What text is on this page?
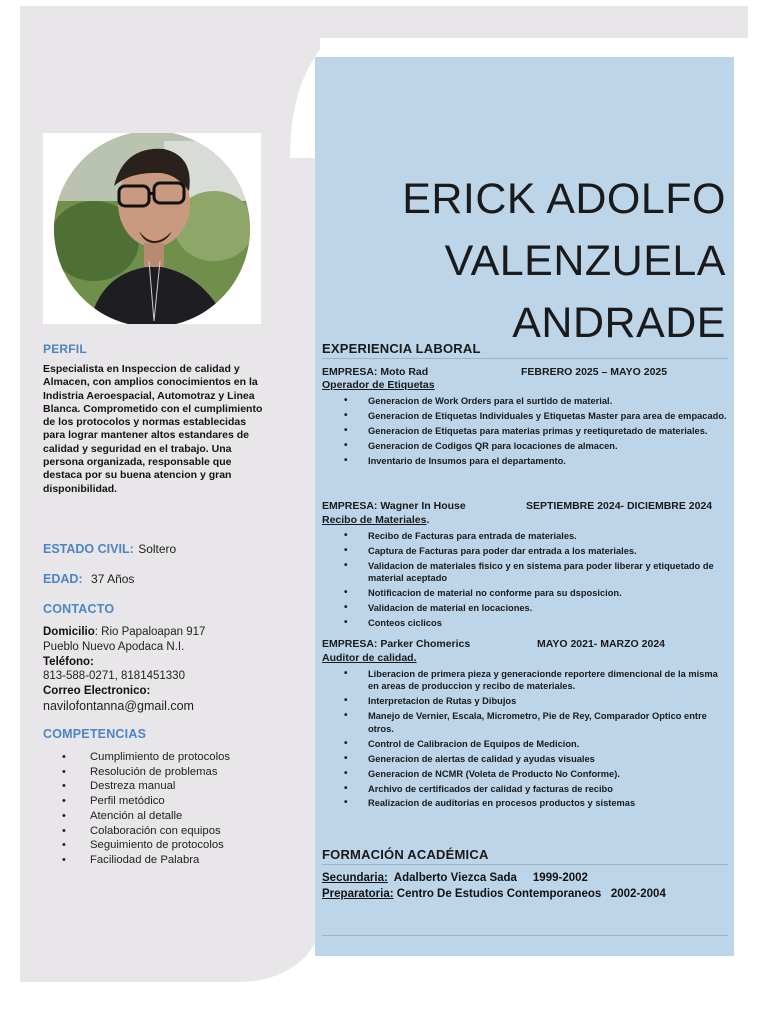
PERFIL
Especialista en Inspeccion de calidad y Almacen, con amplios conocimientos en la Indistria Aeroespacial, Automotraz y Linea Blanca. Comprometido con el cumplimiento de los protocolos y normas establecidas para lograr mantener altos estandares de calidad y seguridad en el trabajo. Una persona organizada, responsable que destaca por su buena atencion y gran disponibilidad.
ESTADO CIVIL: Soltero
EDAD: 37 Años
CONTACTO
Domicilio: Rio Papaloapan 917
Pueblo Nuevo Apodaca N.I.
Teléfono:
813-588-0271, 8181451330
Correo Electronico:
navilofontanna@gmail.com
COMPETENCIAS
• Cumplimiento de protocolos
• Resolución de problemas
• Destreza manual
• Perfil metódico
• Atención al detalle
• Colaboración con equipos
• Seguimiento de protocolos
• Faciliodad de Palabra
ERICK ADOLFO
VALENZUELA
ANDRADE
EXPERIENCIA LABORAL
EMPRESA: Moto Rad	FEBRERO 2025 – MAYO 2025
Operador de Etiquetas
• Generacion de Work Orders para el surtido de material.
• Generacion de Etiquetas Individuales y Etiquetas Master para area de empacado.
• Generacion de Etiquetas para materias primas y reetiquretado de materiales.
• Generacion de Codigos QR para locaciones de almacen.
• Inventario de Insumos para el departamento.
EMPRESA: Wagner In House	SEPTIEMBRE 2024- DICIEMBRE 2024
Recibo de Materiales.
• Recibo de Facturas para entrada de materiales.
• Captura de Facturas para poder dar entrada a los materiales.
• Validacion de materiales fisico y en sistema para poder liberar y etiquetado de material aceptado
• Notificacion de material no conforme para su dsposicion.
• Validacion de material en locaciones.
• Conteos ciclicos
EMPRESA: Parker Chomerics	MAYO 2021- MARZO 2024
Auditor de calidad.
• Liberacion de primera pieza y generacionde reportere dimencional de la misma en areas de produccion y recibo de materiales.
• Interpretacion de Rutas y Dibujos
• Manejo de Vernier, Escala, Micrometro, Pie de Rey, Comparador Optico entre otros.
• Control de Calibracion de Equipos de Medicion.
• Generacion de alertas de calidad y ayudas visuales
• Generacion de NCMR (Voleta de Producto No Conforme).
• Archivo de certificados der calidad y facturas de recibo
• Realizacion de auditorias en procesos productos y sistemas
FORMACIÓN ACADÉMICA
Secundaria:  Adalberto Viezca Sada     1999-2002
Preparatoria: Centro De Estudios Contemporaneos   2002-2004
